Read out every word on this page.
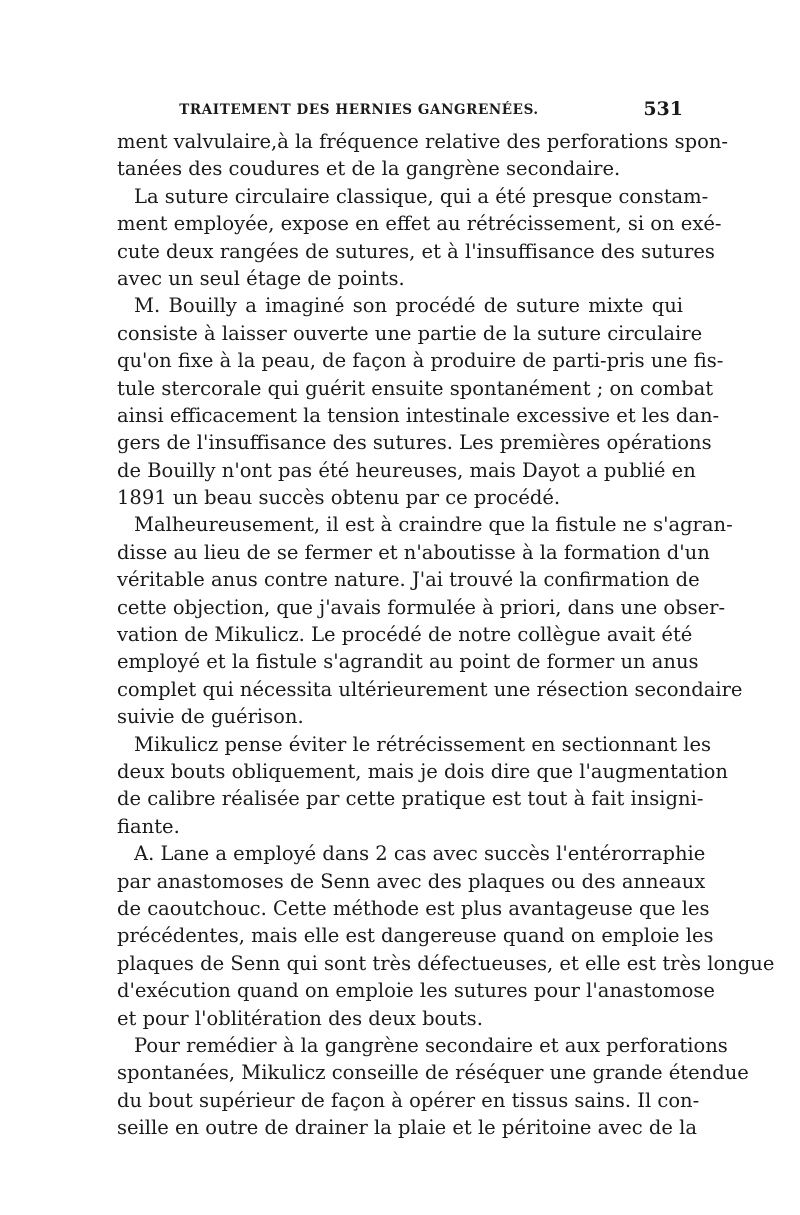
TRAITEMENT DES HERNIES GANGRENÉES.	531
ment valvulaire,à la fréquence relative des perforations spon-
tanées des coudures et de la gangrène secondaire.
La suture circulaire classique, qui a été presque constam-
ment employée, expose en effet au rétrécissement, si on exé-
cute deux rangées de sutures, et à l'insuffisance des sutures
avec un seul étage de points.
M. Bouilly a imaginé son procédé de suture mixte qui
consiste à laisser ouverte une partie de la suture circulaire
qu'on fixe à la peau, de façon à produire de parti-pris une fis-
tule stercorale qui guérit ensuite spontanément ; on combat
ainsi efficacement la tension intestinale excessive et les dan-
gers de l'insuffisance des sutures. Les premières opérations
de Bouilly n'ont pas été heureuses, mais Dayot a publié en
1891 un beau succès obtenu par ce procédé.
Malheureusement, il est à craindre que la fistule ne s'agran-
disse au lieu de se fermer et n'aboutisse à la formation d'un
véritable anus contre nature. J'ai trouvé la confirmation de
cette objection, que j'avais formulée à priori, dans une obser-
vation de Mikulicz. Le procédé de notre collègue avait été
employé et la fistule s'agrandit au point de former un anus
complet qui nécessita ultérieurement une résection secondaire
suivie de guérison.
Mikulicz pense éviter le rétrécissement en sectionnant les
deux bouts obliquement, mais je dois dire que l'augmentation
de calibre réalisée par cette pratique est tout à fait insigni-
fiante.
A. Lane a employé dans 2 cas avec succès l'entérorraphie
par anastomoses de Senn avec des plaques ou des anneaux
de caoutchouc. Cette méthode est plus avantageuse que les
précédentes, mais elle est dangereuse quand on emploie les
plaques de Senn qui sont très défectueuses, et elle est très longue
d'exécution quand on emploie les sutures pour l'anastomose
et pour l'oblitération des deux bouts.
Pour remédier à la gangrène secondaire et aux perforations
spontanées, Mikulicz conseille de réséquer une grande étendue
du bout supérieur de façon à opérer en tissus sains. Il con-
seille en outre de drainer la plaie et le péritoine avec de la
